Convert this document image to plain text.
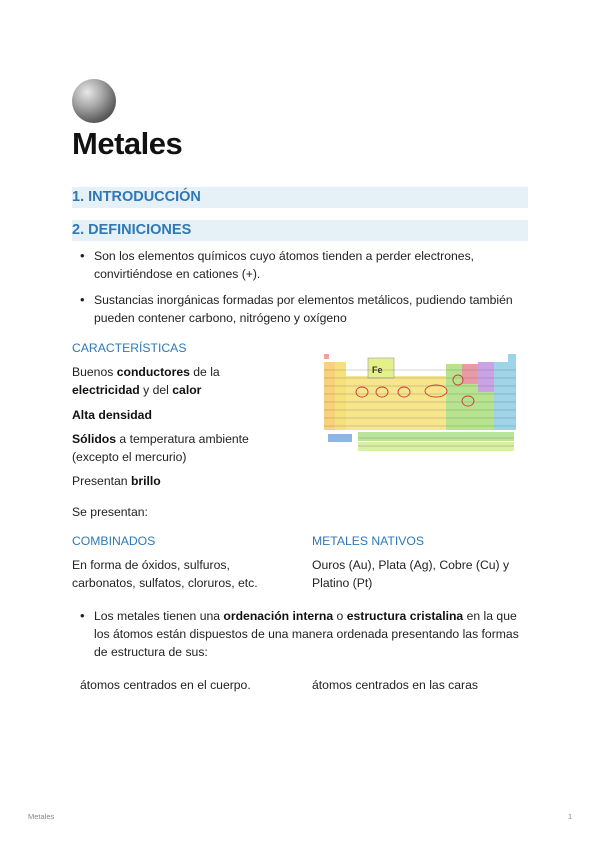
Metales
1. INTRODUCCIÓN
2. DEFINICIONES
• Son los elementos químicos cuyo átomos tienden a perder electrones, convirtiéndose en cationes (+).
• Sustancias inorgánicas formadas por elementos metálicos, pudiendo también pueden contener carbono, nitrógeno y oxígeno
CARACTERÍSTICAS
Buenos conductores de la electricidad y del calor
Alta densidad
Sólidos a temperatura ambiente (excepto el mercurio)
Presentan brillo
Fe
Se presentan:
COMBINADOS
En forma de óxidos, sulfuros, carbonatos, sulfatos, cloruros, etc.
METALES NATIVOS
Ouros (Au), Plata (Ag), Cobre (Cu) y Platino (Pt)
• Los metales tienen una ordenación interna o estructura cristalina en la que los átomos están dispuestos de una manera ordenada presentando las formas de estructura de sus:
átomos centrados en el cuerpo.	átomos centrados en las caras
Metales	1
